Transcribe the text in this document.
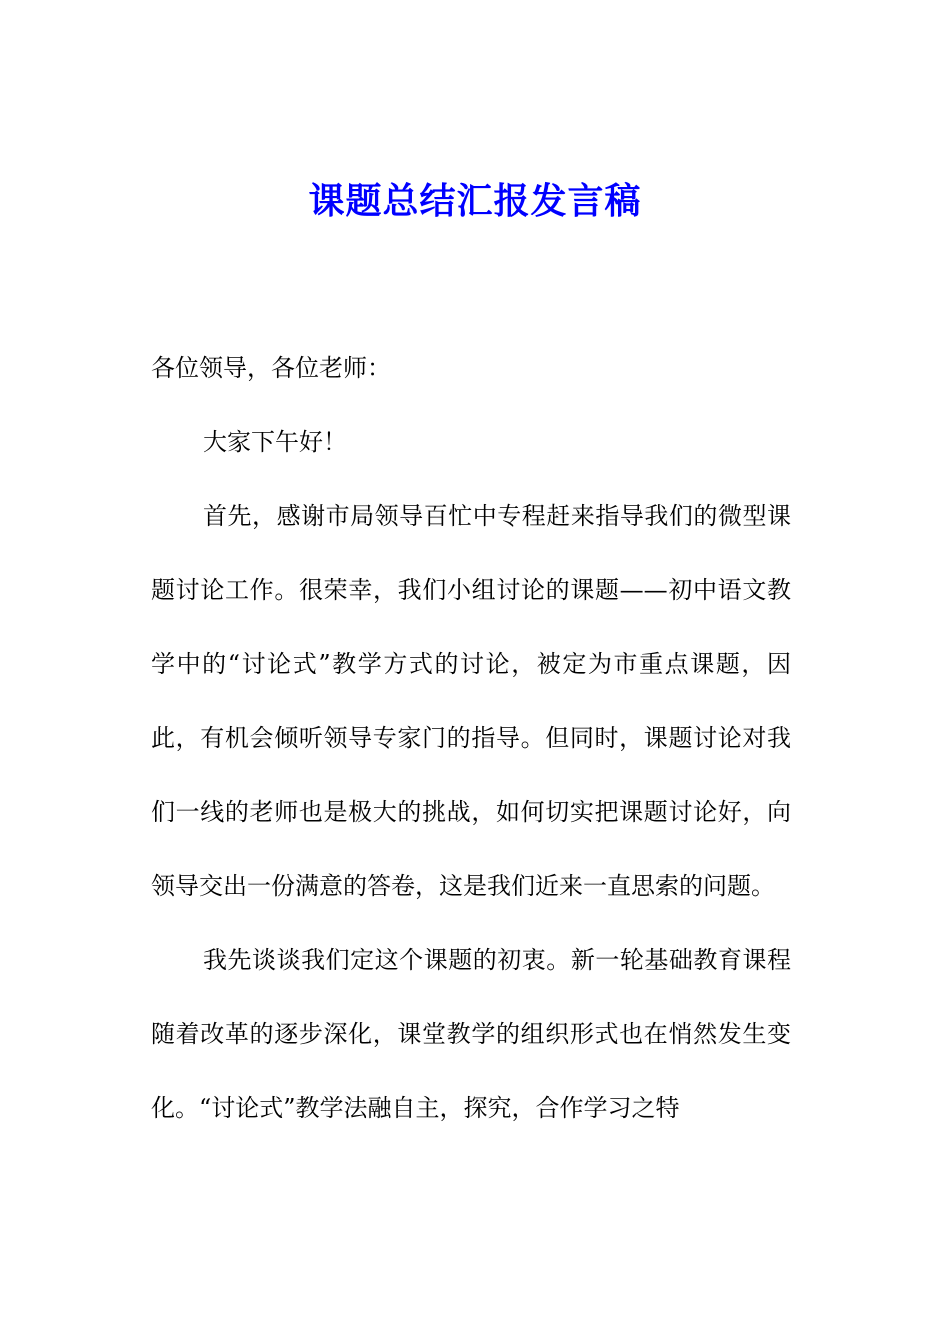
课题总结汇报发言稿

各位领导，各位老师：

大家下午好！

首先，感谢市局领导百忙中专程赶来指导我们的微型课题讨论工作。很荣幸，我们小组讨论的课题——初中语文教学中的“讨论式”教学方式的讨论，被定为市重点课题，因此，有机会倾听领导专家门的指导。但同时，课题讨论对我们一线的老师也是极大的挑战，如何切实把课题讨论好，向领导交出一份满意的答卷，这是我们近来一直思索的问题。

我先谈谈我们定这个课题的初衷。新一轮基础教育课程随着改革的逐步深化，课堂教学的组织形式也在悄然发生变化。“讨论式”教学法融自主，探究，合作学习之特
